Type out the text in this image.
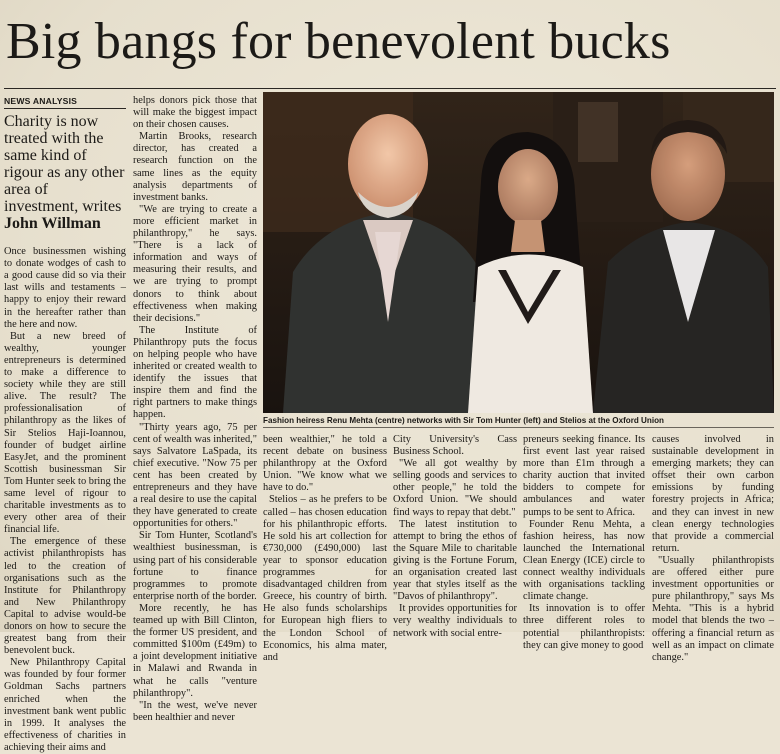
Big bangs for benevolent bucks
NEWS ANALYSIS
Charity is now treated with the same kind of rigour as any other area of investment, writes
John Willman

Once businessmen wishing to donate wodges of cash to a good cause did so via their last wills and testaments – happy to enjoy their reward in the hereafter rather than the here and now.

But a new breed of wealthy, younger entrepreneurs is determined to make a difference to society while they are still alive. The result? The professionalisation of philanthropy as the likes of Sir Stelios Haji-Ioannou, founder of budget airline EasyJet, and the prominent Scottish businessman Sir Tom Hunter seek to bring the same level of rigour to charitable investments as to every other area of their financial life.

The emergence of these activist philanthropists has led to the creation of organisations such as the Institute for Philanthropy and New Philanthropy Capital to advise would-be donors on how to secure the greatest bang from their benevolent buck.

New Philanthropy Capital was founded by four former Goldman Sachs partners enriched when the investment bank went public in 1999. It analyses the effectiveness of charities in achieving their aims and

helps donors pick those that will make the biggest impact on their chosen causes.

Martin Brooks, research director, has created a research function on the same lines as the equity analysis departments of investment banks.

"We are trying to create a more efficient market in philanthropy," he says. "There is a lack of information and ways of measuring their results, and we are trying to prompt donors to think about effectiveness when making their decisions."

The Institute of Philanthropy puts the focus on helping people who have inherited or created wealth to identify the issues that inspire them and find the right partners to make things happen.

"Thirty years ago, 75 per cent of wealth was inherited," says Salvatore LaSpada, its chief executive. "Now 75 per cent has been created by entrepreneurs and they have a real desire to use the capital they have generated to create opportunities for others."

Sir Tom Hunter, Scotland's wealthiest businessman, is using part of his considerable fortune to finance programmes to promote enterprise north of the border.

More recently, he has teamed up with Bill Clinton, the former US president, and committed $100m (£49m) to a joint development initiative in Malawi and Rwanda in what he calls "venture philanthropy".

"In the west, we've never been healthier and never

Fashion heiress Renu Mehta (centre) networks with Sir Tom Hunter (left) and Stelios at the Oxford Union

been wealthier," he told a recent debate on business philanthropy at the Oxford Union. "We know what we have to do."

Stelios – as he prefers to be called – has chosen education for his philanthropic efforts. He sold his art collection for €730,000 (£490,000) last year to sponsor education programmes for disadvantaged children from Greece, his country of birth. He also funds scholarships for European high fliers to the London School of Economics, his alma mater, and

City University's Cass Business School.

"We all got wealthy by selling goods and services to other people," he told the Oxford Union. "We should find ways to repay that debt."

The latest institution to attempt to bring the ethos of the Square Mile to charitable giving is the Fortune Forum, an organisation created last year that styles itself as the "Davos of philanthropy".

It provides opportunities for very wealthy individuals to network with social entre-

preneurs seeking finance. Its first event last year raised more than £1m through a charity auction that invited bidders to compete for ambulances and water pumps to be sent to Africa.

Founder Renu Mehta, a fashion heiress, has now launched the International Clean Energy (ICE) circle to connect wealthy individuals with organisations tackling climate change.

Its innovation is to offer three different roles to potential philanthropists: they can give money to good

causes involved in sustainable development in emerging markets; they can offset their own carbon emissions by funding forestry projects in Africa; and they can invest in new clean energy technologies that provide a commercial return.

"Usually philanthropists are offered either pure investment opportunities or pure philanthropy," says Ms Mehta. "This is a hybrid model that blends the two – offering a financial return as well as an impact on climate change."
